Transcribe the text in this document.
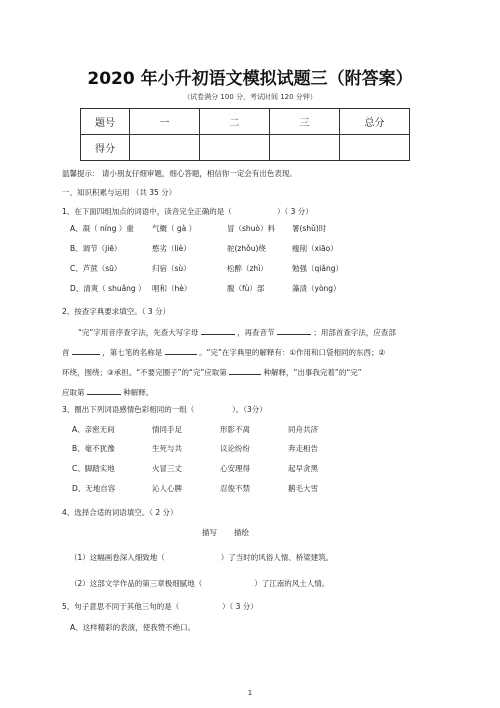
2020 年小升初语文模拟试题三（附答案）
（试卷满分 100 分，考试时间 120 分钟）
题号	一	二	三	总分
得分				
温馨提示： 请小朋友仔细审题，细心答题，相信你一定会有出色表现。
一、知识积累与运用 （共 35 分）
1、在下面四组加点的词语中，读音完全正确的是（	）（ 3 分）
A、凝（ níng ）重 气概（ gà ）	冒（shuò）料 署(shǔ)时
B、调节（jiē）	憨劣（liè）	驼(zhǒu)绕	瘦削（xiāo）
C、芦蔗（sū）	归宿（sù）	松醉（zhì）	勉强（qiǎng）
D、清爽（ shuǎng ） 唱和（hè）	腹（fù）部	藻渍（yòng）
2、按查字典要求填空。（ 3 分）
“完”字用音序查字法，先查大写字母	，再查音节	；用部首查字法，应查部
首	，第七笔的名称是	。“完”在字典里的解释有：①作用和口袋相同的东西；②
环绕，围绕；③承担。“不要完圈子”的“完”应取第	种解释，“出事我完着”的“完”
应取第	种解释。
3、圈出下列词语感情色彩相同的一组（	）。（3分）
A、亲密无间	情同手足	形影不离	同舟共济
B、毫不犹豫	生死与共	议论纷纷	奔走相告
C、脚踏实地	火冒三丈	心安理得	起早贪黑
D、无地自容	沁人心脾	忍俊不禁	鹅毛大雪
4、选择合适的词语填空。（ 2 分）
描写 描绘
（1）这幅画卷深入细致地（	）了当时的风俗人情、桥梁建筑。
（2）这部文学作品的第三章极细腻地（	）了江南的风土人情。
5、句子意思不同于其他三句的是（	）（ 3 分）
A、这样精彩的表演，使我赞不绝口。
1
